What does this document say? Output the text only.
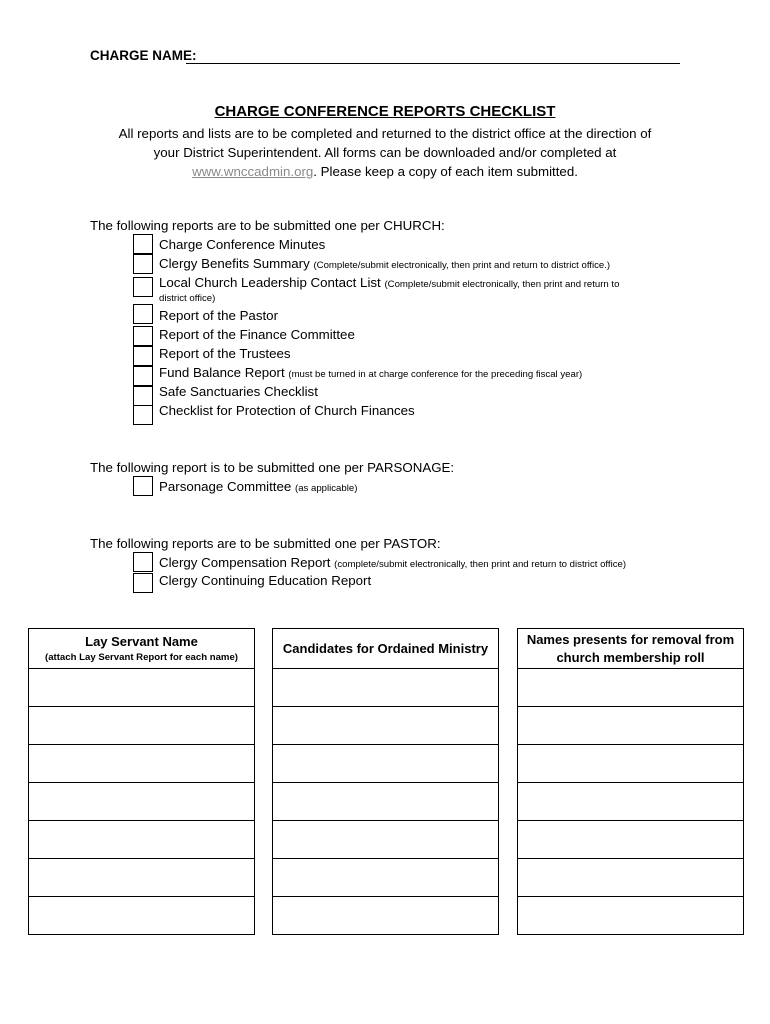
CHARGE NAME:
CHARGE CONFERENCE REPORTS CHECKLIST
All reports and lists are to be completed and returned to the district office at the direction of
your District Superintendent. All forms can be downloaded and/or completed at
www.wnccadmin.org. Please keep a copy of each item submitted.
The following reports are to be submitted one per CHURCH:
Charge Conference Minutes
Clergy Benefits Summary (Complete/submit electronically, then print and return to district office.)
Local Church Leadership Contact List (Complete/submit electronically, then print and return to
district office)
Report of the Pastor
Report of the Finance Committee
Report of the Trustees
Fund Balance Report (must be turned in at charge conference for the preceding fiscal year)
Safe Sanctuaries Checklist
Checklist for Protection of Church Finances
The following report is to be submitted one per PARSONAGE:
Parsonage Committee (as applicable)
The following reports are to be submitted one per PASTOR:
Clergy Compensation Report (complete/submit electronically, then print and return to district office)
Clergy Continuing Education Report
Lay Servant Name
(attach Lay Servant Report for each name)

Candidates for Ordained Ministry

Names presents for removal from
church membership roll
